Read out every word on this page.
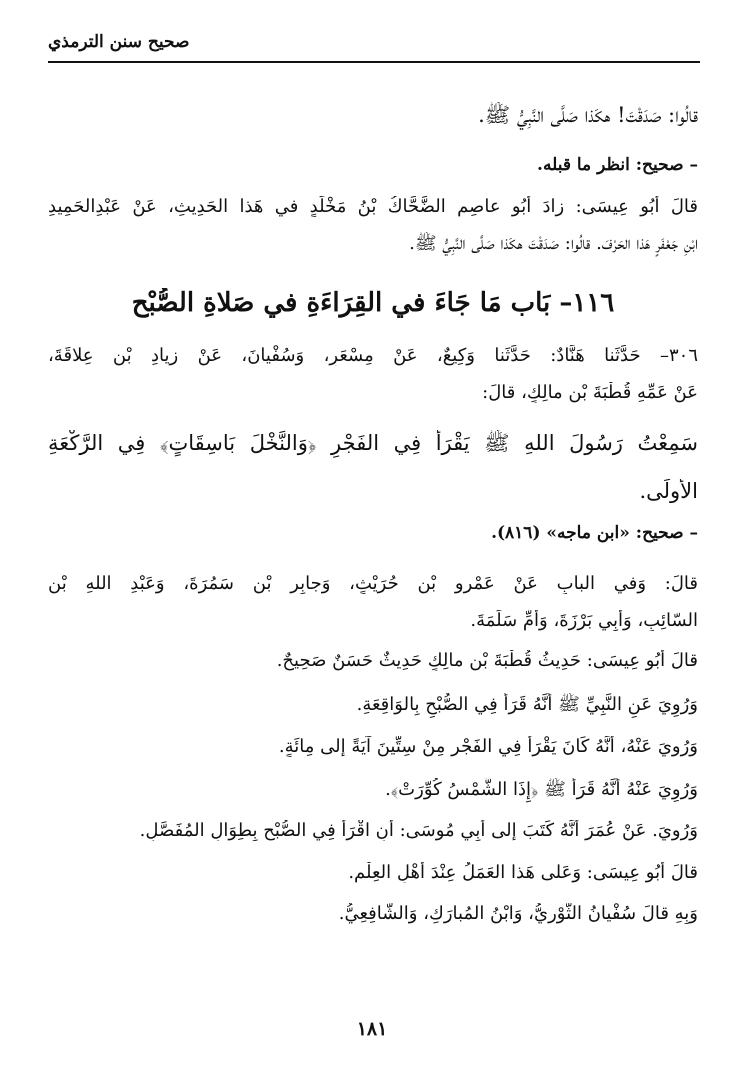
صحيح سنن الترمذي
قالُوا: صَدَقْتَ! هكَذا صَلَّى النَّبِيُّ ﷺ.
– صحيح: انظر ما قبله.
قالَ أَبُو عِيسَى: زادَ أَبُو عاصِمٍ الضَّحَّاكُ بْنُ مَخْلَدٍ في هَذا الحَدِيثِ، عَنْ عَبْدِالحَمِيدِ
ابْنِ جَعْفَرٍ هَذا الحَرْفَ. قالُوا: صَدَقْتَ هكَذا صَلَّى النَّبِيُّ ﷺ.
١١٦– بَاب مَا جَاءَ في القِرَاءَةِ في صَلاةِ الصُّبْحِ
٣٠٦– حَدَّثَنا هَنَّادٌ: حَدَّثَنا وَكِيعٌ، عَنْ مِسْعَرٍ، وَسُفْيانَ، عَنْ زِيادِ بْنِ عِلاقَةَ،
عَنْ عَمِّهِ قُطْبَةَ بْنِ مالِكٍ، قالَ:
سَمِعْتُ رَسُولَ اللهِ ﷺ يَقْرَأُ فِي الفَجْرِ ﴿وَالنَّخْلَ بَاسِقَاتٍ﴾ فِي الرَّكْعَةِ
الأُولَى.
– صحيح: «ابن ماجه» (٨١٦).
قالَ: وَفي البابِ عَنْ عَمْرِو بْنِ حُرَيْثٍ، وَجابِرِ بْنِ سَمُرَةَ، وَعَبْدِ اللهِ بْنِ
السّائِبِ، وَأَبِي بَرْزَةَ، وَأُمِّ سَلَمَةَ.
قالَ أَبُو عِيسَى: حَدِيثُ قُطْبَةَ بْنِ مالِكٍ حَدِيثٌ حَسَنٌ صَحِيحٌ.
وَرُوِيَ عَنِ النَّبِيِّ ﷺ أَنَّهُ قَرَأَ فِي الصُّبْحِ بِالوَاقِعَةِ.
وَرُوِيَ عَنْهُ، أَنَّهُ كَانَ يَقْرَأُ فِي الفَجْرِ مِنْ سِتِّينَ آيَةً إِلى مِائَةٍ.
وَرُوِيَ عَنْهُ أَنَّهُ قَرَأَ ﷺ ﴿إِذَا الشَّمْسُ كُوِّرَتْ﴾.
وَرُوِيَ. عَنْ عُمَرَ أَنَّهُ كَتَبَ إِلى أَبِي مُوسَى: أَنِ اقْرَأْ فِي الصُّبْحِ بِطِوَالِ المُفَصَّلِ.
قالَ أَبُو عِيسَى: وَعَلى هَذا العَمَلُ عِنْدَ أَهْلِ العِلْمِ.
وَبِهِ قالَ سُفْيانُ الثَّوْرِيُّ، وَابْنُ المُبارَكِ، وَالشّافِعِيُّ.
١٨١
